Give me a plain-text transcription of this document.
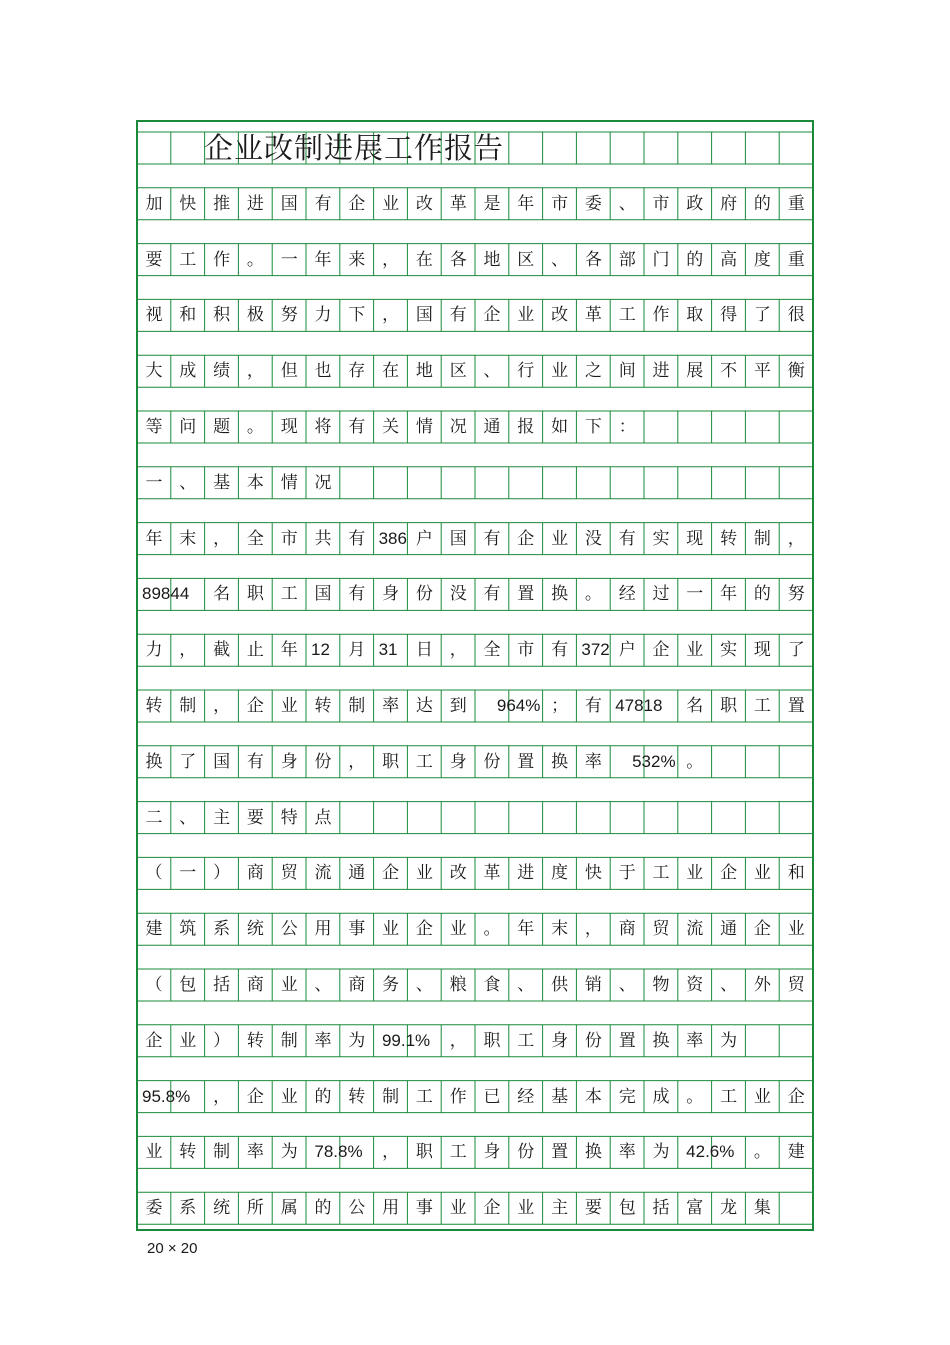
企业改制进展工作报告
加 快 推 进 国 有 企 业 改 革 是 年 市 委 、 市 政 府 的 重
要 工 作 。 一 年 来 ， 在 各 地 区 、 各 部 门 的 高 度 重
视 和 积 极 努 力 下 ， 国 有 企 业 改 革 工 作 取 得 了 很
大 成 绩 ， 但 也 存 在 地 区 、 行 业 之 间 进 展 不 平 衡
等 问 题 。 现 将 有 关 情 况 通 报 如 下 ：
一 、 基 本 情 况
年 末 ， 全 市 共 有	户 国 有 企 业 没 有 实 现 转 制 ，
386
名 职 工 国 有 身 份 没 有 置 换 。 经 过 一 年 的 努
89844
力 ， 截 止 年	月	日 ， 全 市 有	户 企 业 实 现 了
12	31	372
转 制 ， 企 业 转 制 率 达 到	； 有	名 职 工 置
964%	47818
换 了 国 有 身 份 ， 职 工 身 份 置 换 率	。
532%
二 、 主 要 特 点
（ 一 ） 商 贸 流 通 企 业 改 革 进 度 快 于 工 业 企 业 和
建 筑 系 统 公 用 事 业 企 业 。 年 末 ， 商 贸 流 通 企 业
（ 包 括 商 业 、 商 务 、 粮 食 、 供 销 、 物 资 、 外 贸
企 业 ） 转 制 率 为	， 职 工 身 份 置 换 率 为
99.1%
， 企 业 的 转 制 工 作 已 经 基 本 完 成 。 工 业 企
95.8%
业 转 制 率 为	， 职 工 身 份 置 换 率 为	。 建
78.8%	42.6%
委 系 统 所 属 的 公 用 事 业 企 业 主 要 包 括 富 龙 集
20 × 20
